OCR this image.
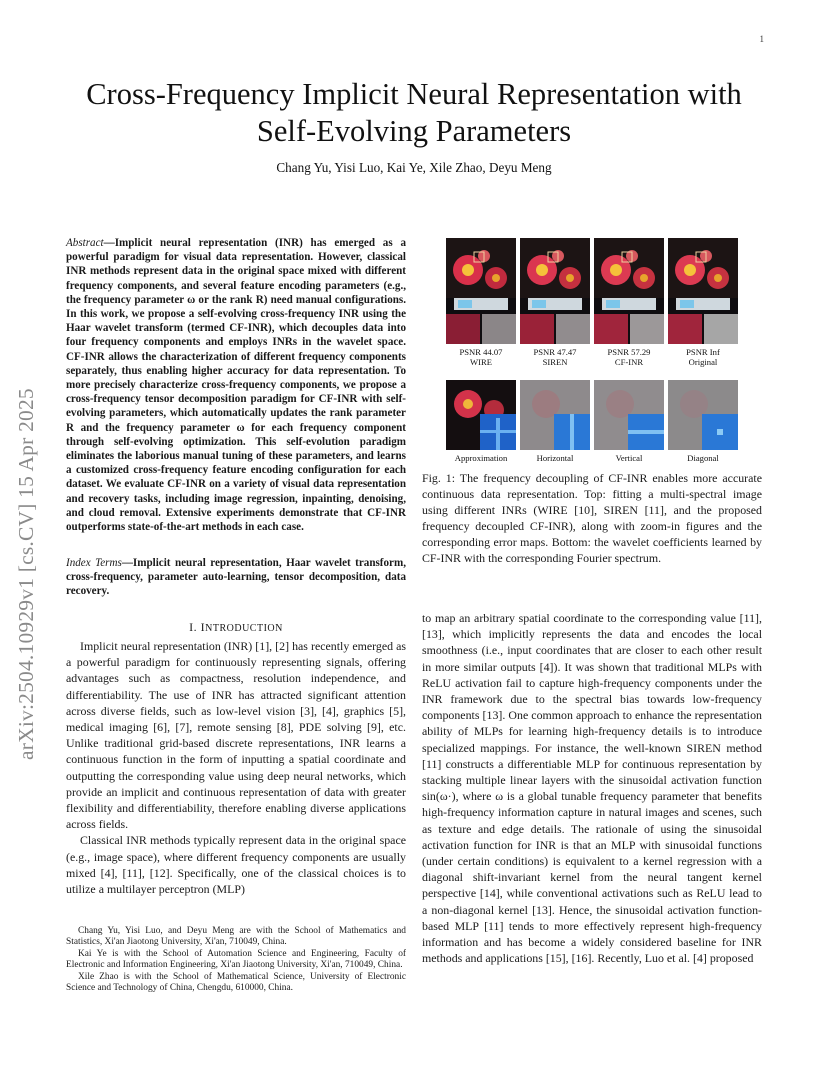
1
arXiv:2504.10929v1 [cs.CV] 15 Apr 2025
Cross-Frequency Implicit Neural Representation with Self-Evolving Parameters
Chang Yu, Yisi Luo, Kai Ye, Xile Zhao, Deyu Meng
Abstract—Implicit neural representation (INR) has emerged as a powerful paradigm for visual data representation. However, classical INR methods represent data in the original space mixed with different frequency components, and several feature encoding parameters (e.g., the frequency parameter ω or the rank R) need manual configurations. In this work, we propose a self-evolving cross-frequency INR using the Haar wavelet transform (termed CF-INR), which decouples data into four frequency components and employs INRs in the wavelet space. CF-INR allows the characterization of different frequency components separately, thus enabling higher accuracy for data representation. To more precisely characterize cross-frequency components, we propose a cross-frequency tensor decomposition paradigm for CF-INR with self-evolving parameters, which automatically updates the rank parameter R and the frequency parameter ω for each frequency component through self-evolving optimization. This self-evolution paradigm eliminates the laborious manual tuning of these parameters, and learns a customized cross-frequency feature encoding configuration for each dataset. We evaluate CF-INR on a variety of visual data representation and recovery tasks, including image regression, inpainting, denoising, and cloud removal. Extensive experiments demonstrate that CF-INR outperforms state-of-the-art methods in each case.
Index Terms—Implicit neural representation, Haar wavelet transform, cross-frequency, parameter auto-learning, tensor decomposition, data recovery.
I. INTRODUCTION

Implicit neural representation (INR) [1], [2] has recently emerged as a powerful paradigm for continuously representing signals, offering advantages such as compactness, resolution independence, and differentiability. The use of INR has attracted significant attention across diverse fields, such as low-level vision [3], [4], graphics [5], medical imaging [6], [7], remote sensing [8], PDE solving [9], etc. Unlike traditional grid-based discrete representations, INR learns a continuous function in the form of inputting a spatial coordinate and outputting the corresponding value using deep neural networks, which provide an implicit and continuous representation of data with greater flexibility and differentiability, therefore enabling diverse applications across fields.

Classical INR methods typically represent data in the original space (e.g., image space), where different frequency components are usually mixed [4], [11], [12]. Specifically, one of the classical choices is to utilize a multilayer perceptron (MLP)

Chang Yu, Yisi Luo, and Deyu Meng are with the School of Mathematics and Statistics, Xi'an Jiaotong University, Xi'an, 710049, China.

Kai Ye is with the School of Automation Science and Engineering, Faculty of Electronic and Information Engineering, Xi'an Jiaotong University, Xi'an, 710049, China.

Xile Zhao is with the School of Mathematical Science, University of Electronic Science and Technology of China, Chengdu, 610000, China.

to map an arbitrary spatial coordinate to the corresponding value [11], [13], which implicitly represents the data and encodes the local smoothness (i.e., input coordinates that are closer to each other result in more similar outputs [4]). It was shown that traditional MLPs with ReLU activation fail to capture high-frequency components under the INR framework due to the spectral bias towards low-frequency components [13]. One common approach to enhance the representation ability of MLPs for learning high-frequency details is to introduce specialized mappings. For instance, the well-known SIREN method [11] constructs a differentiable MLP for continuous representation by stacking multiple linear layers with the sinusoidal activation function sin(ω·), where ω is a global tunable frequency parameter that benefits high-frequency information capture in natural images and scenes, such as texture and edge details. The rationale of using the sinusoidal activation function for INR is that an MLP with sinusoidal functions (under certain conditions) is equivalent to a kernel regression with a diagonal shift-invariant kernel from the neural tangent kernel perspective [14], while conventional activations such as ReLU lead to a non-diagonal kernel [13]. Hence, the sinusoidal activation function-based MLP [11] tends to more effectively represent high-frequency information and has become a widely considered baseline for INR methods and applications [15], [16]. Recently, Luo et al. [4] proposed

PSNR 44.07
WIRE
PSNR 47.47
SIREN
PSNR 57.29
CF-INR
PSNR Inf
Original
Approximation	Horizontal	Vertical	Diagonal
Fig. 1: The frequency decoupling of CF-INR enables more accurate continuous data representation. Top: fitting a multi-spectral image using different INRs (WIRE [10], SIREN [11], and the proposed frequency decoupled CF-INR), along with zoom-in figures and the corresponding error maps. Bottom: the wavelet coefficients learned by CF-INR with the corresponding Fourier spectrum.
